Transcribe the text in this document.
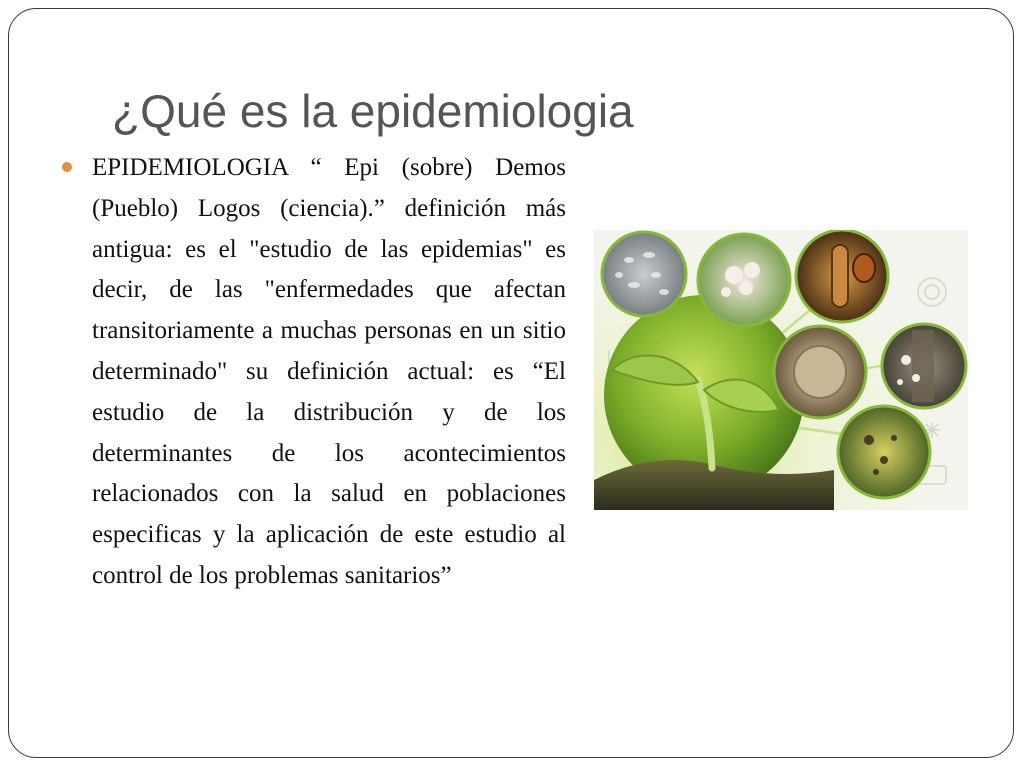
¿Qué es la epidemiologia

EPIDEMIOLOGIA “ Epi (sobre) Demos (Pueblo) Logos (ciencia).” definición más antigua: es el "estudio de las epidemias" es decir, de las "enfermedades que afectan transitoriamente a muchas personas en un sitio determinado" su definición actual: es “El estudio de la distribución y de los determinantes de los acontecimientos relacionados con la salud en poblaciones especificas y la aplicación de este estudio al control de los problemas sanitarios”
